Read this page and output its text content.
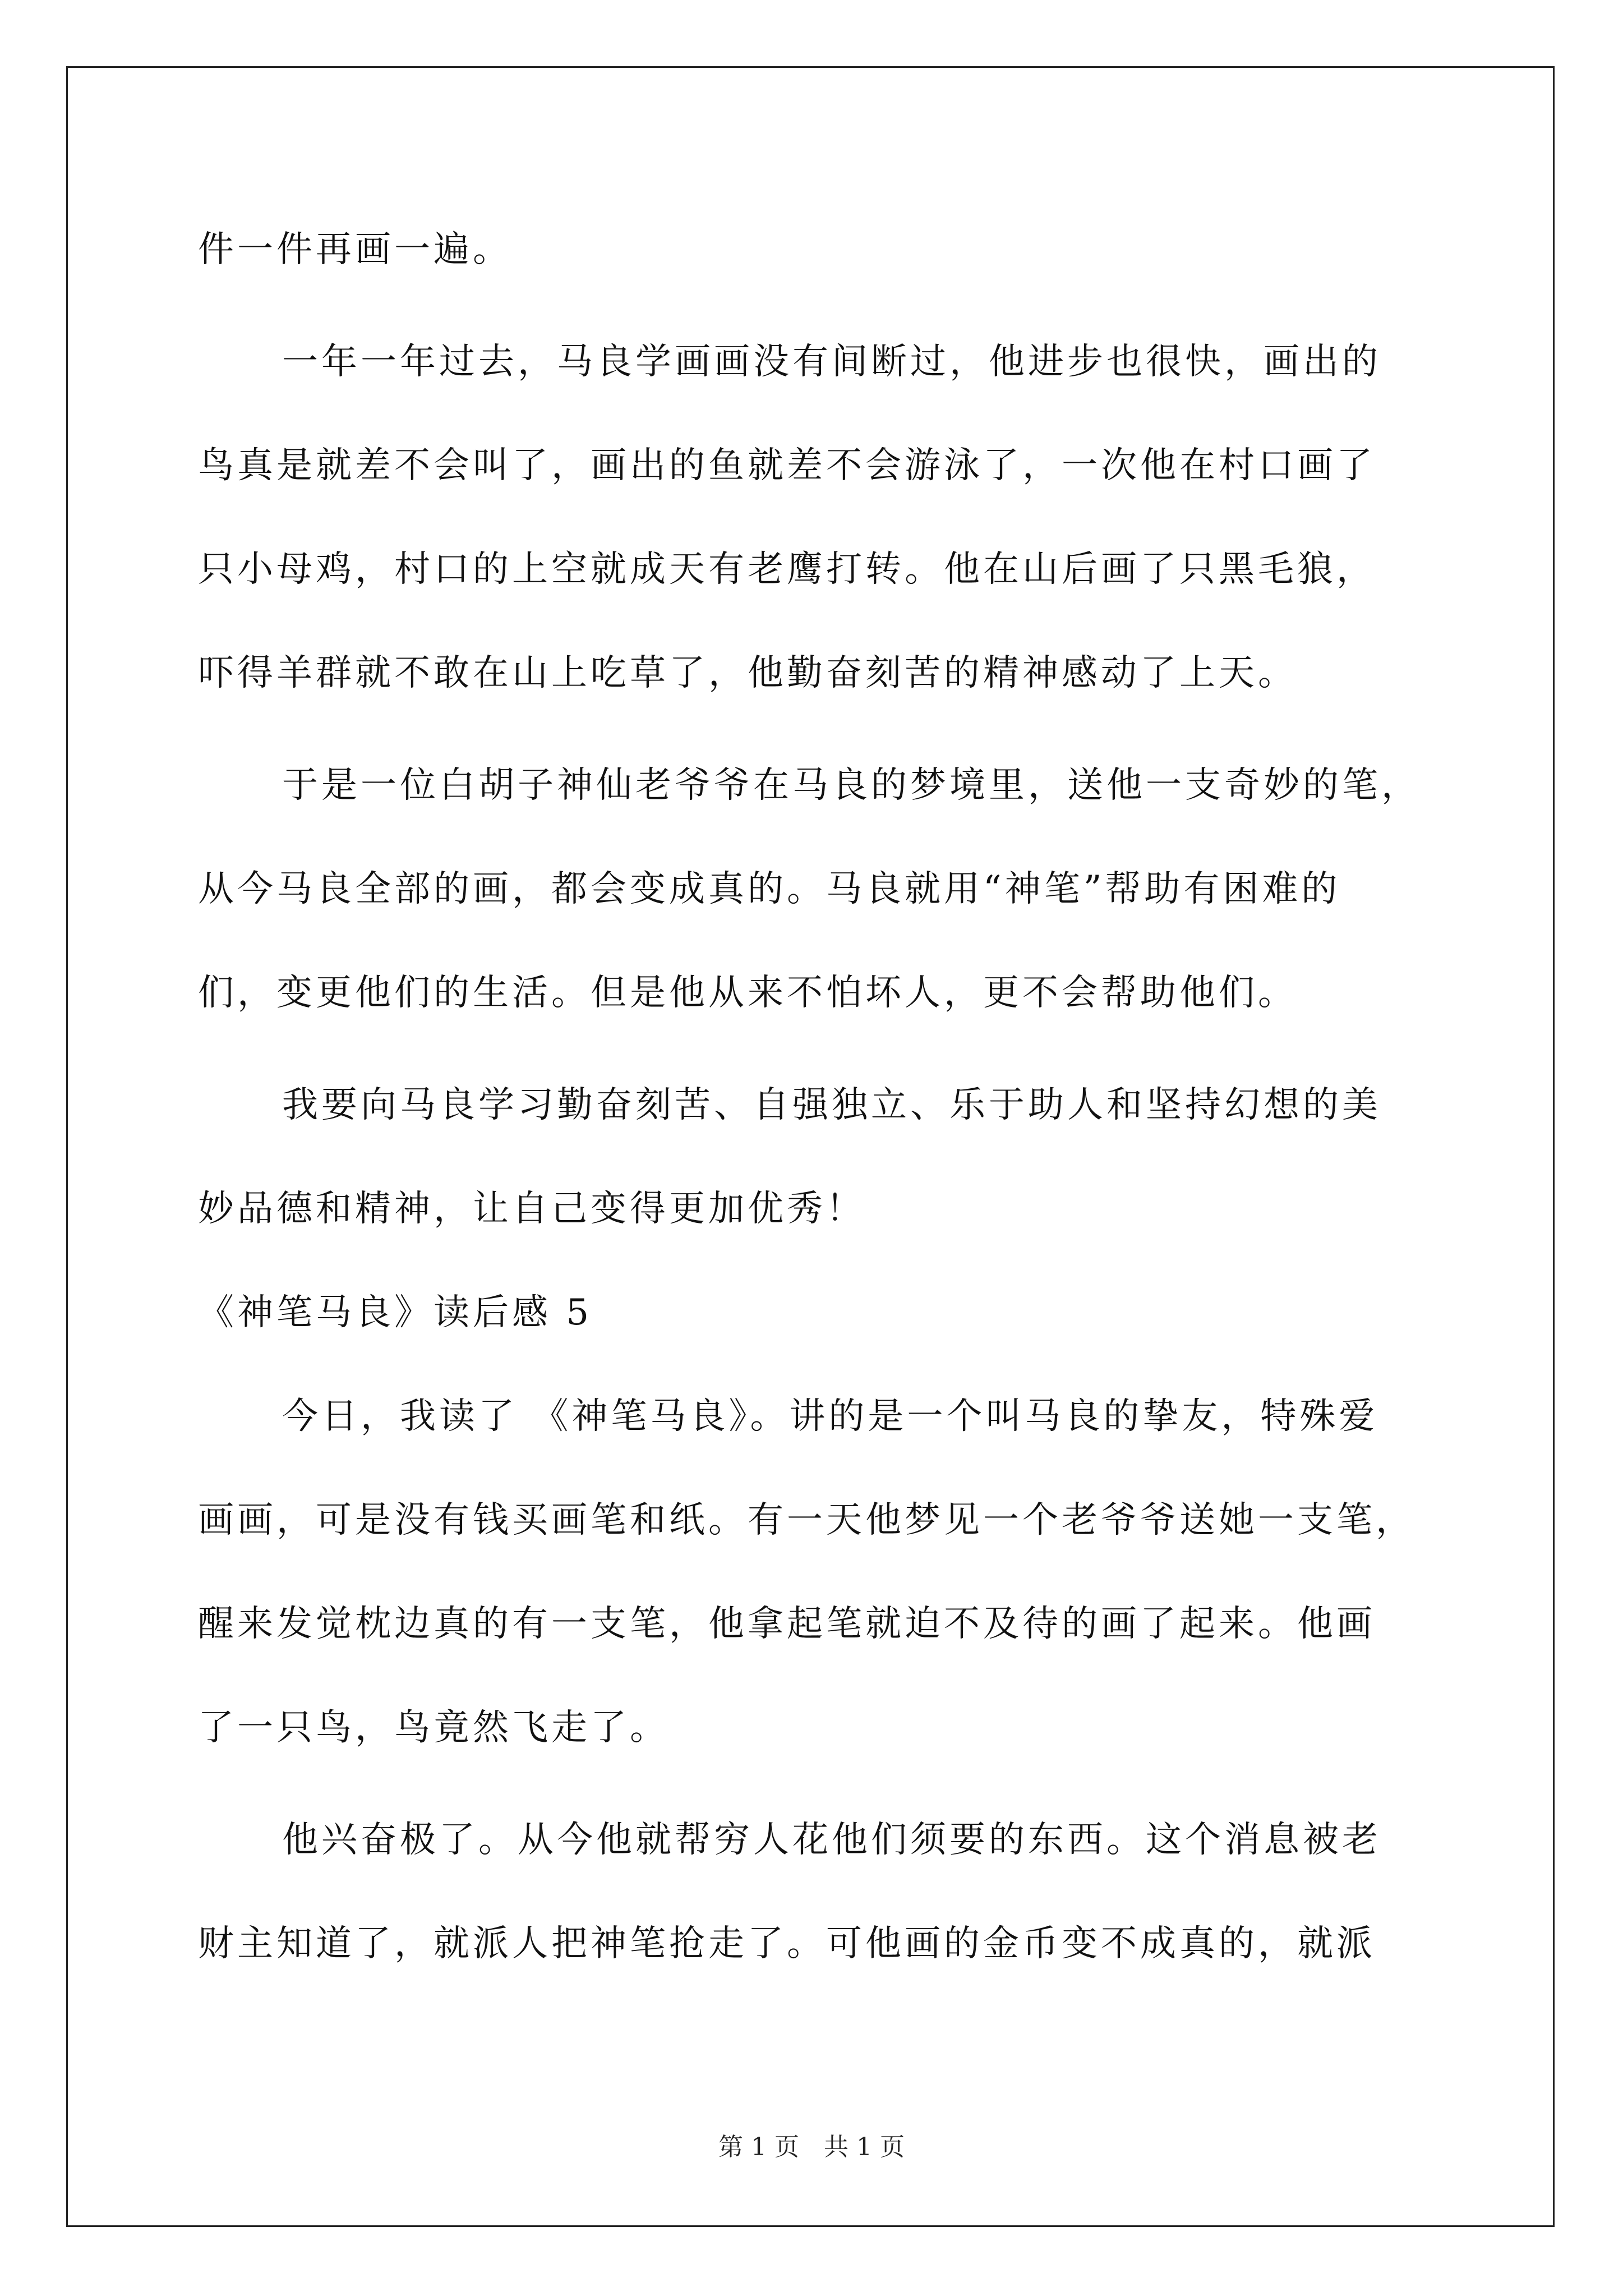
件一件再画一遍。
一年一年过去，马良学画画没有间断过，他进步也很快，画出的
鸟真是就差不会叫了，画出的鱼就差不会游泳了，一次他在村口画了
只小母鸡，村口的上空就成天有老鹰打转。他在山后画了只黑毛狼，
吓得羊群就不敢在山上吃草了，他勤奋刻苦的精神感动了上天。
于是一位白胡子神仙老爷爷在马良的梦境里，送他一支奇妙的笔，
从今马良全部的画，都会变成真的。马良就用“神笔”帮助有困难的
们，变更他们的生活。但是他从来不怕坏人，更不会帮助他们。
我要向马良学习勤奋刻苦、自强独立、乐于助人和坚持幻想的美
妙品德和精神，让自己变得更加优秀！
《神笔马良》读后感 5
今日，我读了 《神笔马良》。讲的是一个叫马良的挚友，特殊爱
画画，可是没有钱买画笔和纸。有一天他梦见一个老爷爷送她一支笔，
醒来发觉枕边真的有一支笔，他拿起笔就迫不及待的画了起来。他画
了一只鸟，鸟竟然飞走了。
他兴奋极了。从今他就帮穷人花他们须要的东西。这个消息被老
财主知道了，就派人把神笔抢走了。可他画的金币变不成真的，就派
第 1 页　共 1 页
